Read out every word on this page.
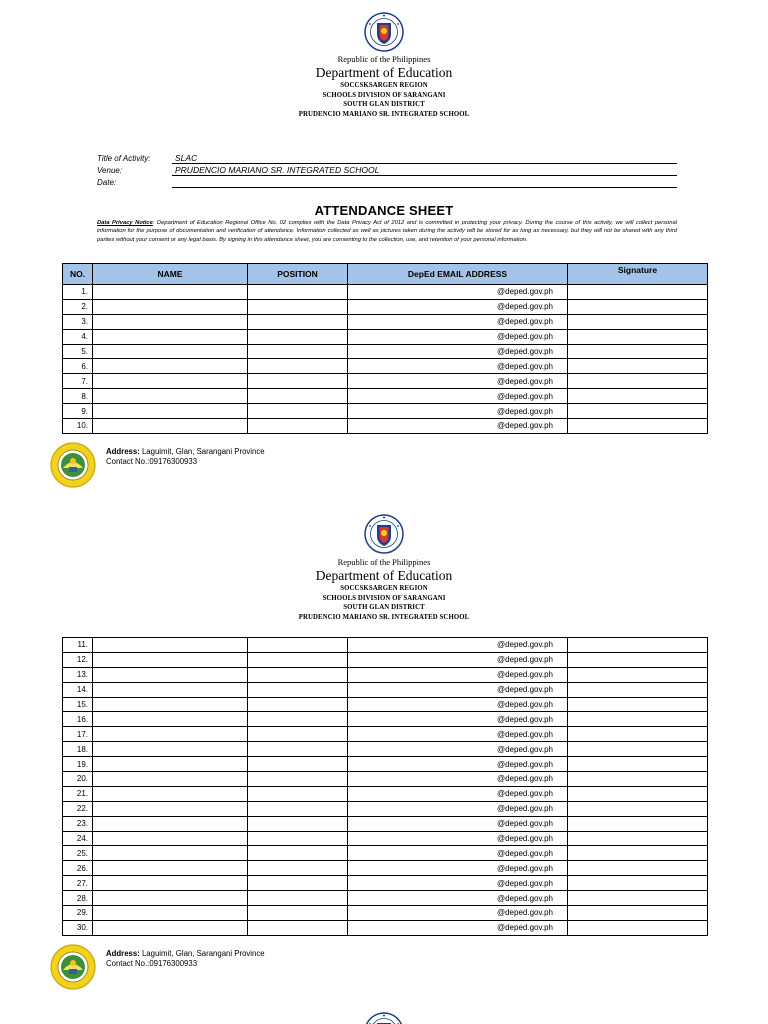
Republic of the Philippines
Department of Education
SOCCSKSARGEN REGION
SCHOOLS DIVISION OF SARANGANI
SOUTH GLAN DISTRICT
PRUDENCIO MARIANO SR. INTEGRATED SCHOOL
Title of Activity:	SLAC
Venue:	PRUDENCIO MARIANO SR. INTEGRATED SCHOOL
Date:
ATTENDANCE SHEET
Data Privacy Notice: Department of Education Regional Office No. 02 complies with the Data Privacy Act of 2012 and is committed in protecting your privacy. During the course of this activity, we will collect personal information for the purpose of documentation and verification of attendance. Information collected as well as pictures taken during the activity will be stored for as long as necessary, but they will not be shared with any third parties without your consent or any legal basis. By signing in this attendance sheet, you are consenting to the collection, use, and retention of your personal information.
NO.	NAME	POSITION	DepEd EMAIL ADDRESS	Signature
1.			@deped.gov.ph	
2.			@deped.gov.ph	
3.			@deped.gov.ph	
4.			@deped.gov.ph	
5.			@deped.gov.ph	
6.			@deped.gov.ph	
7.			@deped.gov.ph	
8.			@deped.gov.ph	
9.			@deped.gov.ph	
10.			@deped.gov.ph	
Address: Laguimit, Glan, Sarangani Province
Contact No.:09176300933
Republic of the Philippines
Department of Education
SOCCSKSARGEN REGION
SCHOOLS DIVISION OF SARANGANI
SOUTH GLAN DISTRICT
PRUDENCIO MARIANO SR. INTEGRATED SCHOOL
11.			@deped.gov.ph	
12.			@deped.gov.ph	
13.			@deped.gov.ph	
14.			@deped.gov.ph	
15.			@deped.gov.ph	
16.			@deped.gov.ph	
17.			@deped.gov.ph	
18.			@deped.gov.ph	
19.			@deped.gov.ph	
20.			@deped.gov.ph	
21.			@deped.gov.ph	
22.			@deped.gov.ph	
23.			@deped.gov.ph	
24.			@deped.gov.ph	
25.			@deped.gov.ph	
26.			@deped.gov.ph	
27.			@deped.gov.ph	
28.			@deped.gov.ph	
29.			@deped.gov.ph	
30.			@deped.gov.ph	
Address: Laguimit, Glan, Sarangani Province
Contact No.:09176300933
